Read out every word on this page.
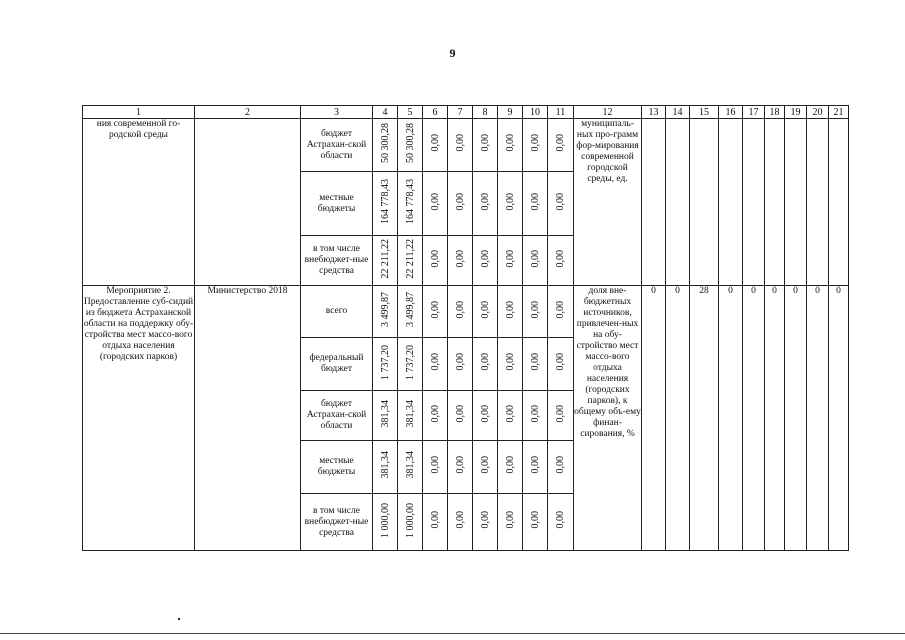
9
1	2	3	4	5	6	7	8	9	10	11	12	13	14	15	16	17	18	19	20	21
ния современной го-родской среды		бюджет Астрахан-ской области	50 300,28	50 300,28	0,00	0,00	0,00	0,00	0,00	0,00	муниципаль-ных про-грамм фор-мирования современной городской среды, ед.									
		местные бюджеты	164 778,43	164 778,43	0,00	0,00	0,00	0,00	0,00	0,00										
		в том числе внебюджет-ные средства	22 211,22	22 211,22	0,00	0,00	0,00	0,00	0,00	0,00										
Мероприятие 2. Предоставление суб-сидий из бюджета Астраханской области на поддержку обу-стройства мест массо-вого отдыха населения (городских парков)	Министерство 2018	всего	3 499,87	3 499,87	0,00	0,00	0,00	0,00	0,00	0,00	доля вне-бюджетных источников, привлечен-ных на обу-стройство мест массо-вого отдыха населения (городских парков), к общему объ-ему финан-сирования, %	0	0	28	0	0	0	0	0	0
		федеральный бюджет	1 737,20	1 737,20	0,00	0,00	0,00	0,00	0,00	0,00										
		бюджет Астрахан-ской области	381,34	381,34	0,00	0,00	0,00	0,00	0,00	0,00										
		местные бюджеты	381,34	381,34	0,00	0,00	0,00	0,00	0,00	0,00										
		в том числе внебюджет-ные средства	1 000,00	1 000,00	0,00	0,00	0,00	0,00	0,00	0,00										
